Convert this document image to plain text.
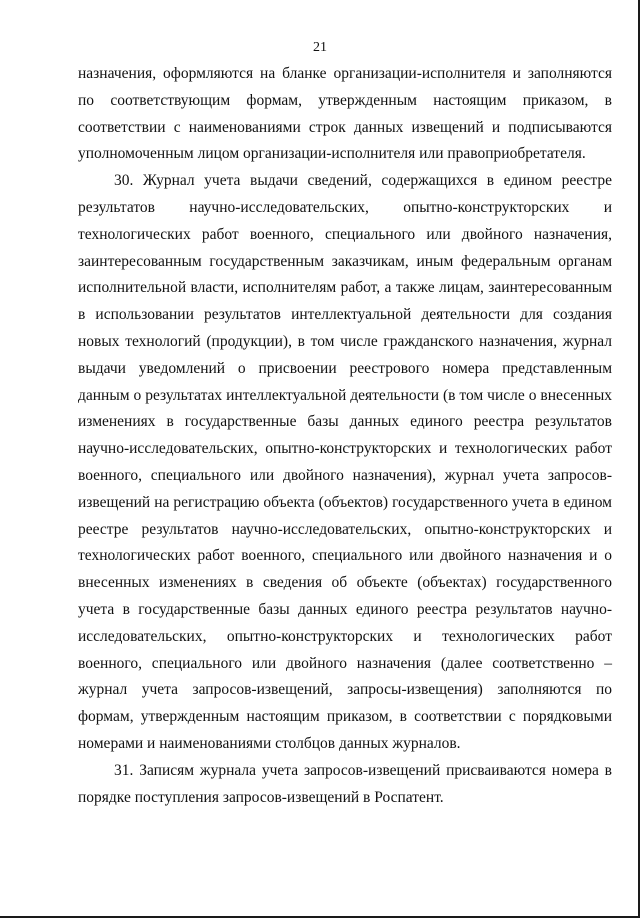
21

назначения, оформляются на бланке организации-исполнителя и заполняются по соответствующим формам, утвержденным настоящим приказом, в соответствии с наименованиями строк данных извещений и подписываются уполномоченным лицом организации-исполнителя или правоприобретателя.

30. Журнал учета выдачи сведений, содержащихся в едином реестре результатов научно-исследовательских, опытно-конструкторских и технологических работ военного, специального или двойного назначения, заинтересованным государственным заказчикам, иным федеральным органам исполнительной власти, исполнителям работ, а также лицам, заинтересованным в использовании результатов интеллектуальной деятельности для создания новых технологий (продукции), в том числе гражданского назначения, журнал выдачи уведомлений о присвоении реестрового номера представленным данным о результатах интеллектуальной деятельности (в том числе о внесенных изменениях в государственные базы данных единого реестра результатов научно-исследовательских, опытно-конструкторских и технологических работ военного, специального или двойного назначения), журнал учета запросов-извещений на регистрацию объекта (объектов) государственного учета в едином реестре результатов научно-исследовательских, опытно-конструкторских и технологических работ военного, специального или двойного назначения и о внесенных изменениях в сведения об объекте (объектах) государственного учета в государственные базы данных единого реестра результатов научно-исследовательских, опытно-конструкторских и технологических работ военного, специального или двойного назначения (далее соответственно – журнал учета запросов-извещений, запросы-извещения) заполняются по формам, утвержденным настоящим приказом, в соответствии с порядковыми номерами и наименованиями столбцов данных журналов.

31. Записям журнала учета запросов-извещений присваиваются номера в порядке поступления запросов-извещений в Роспатент.
